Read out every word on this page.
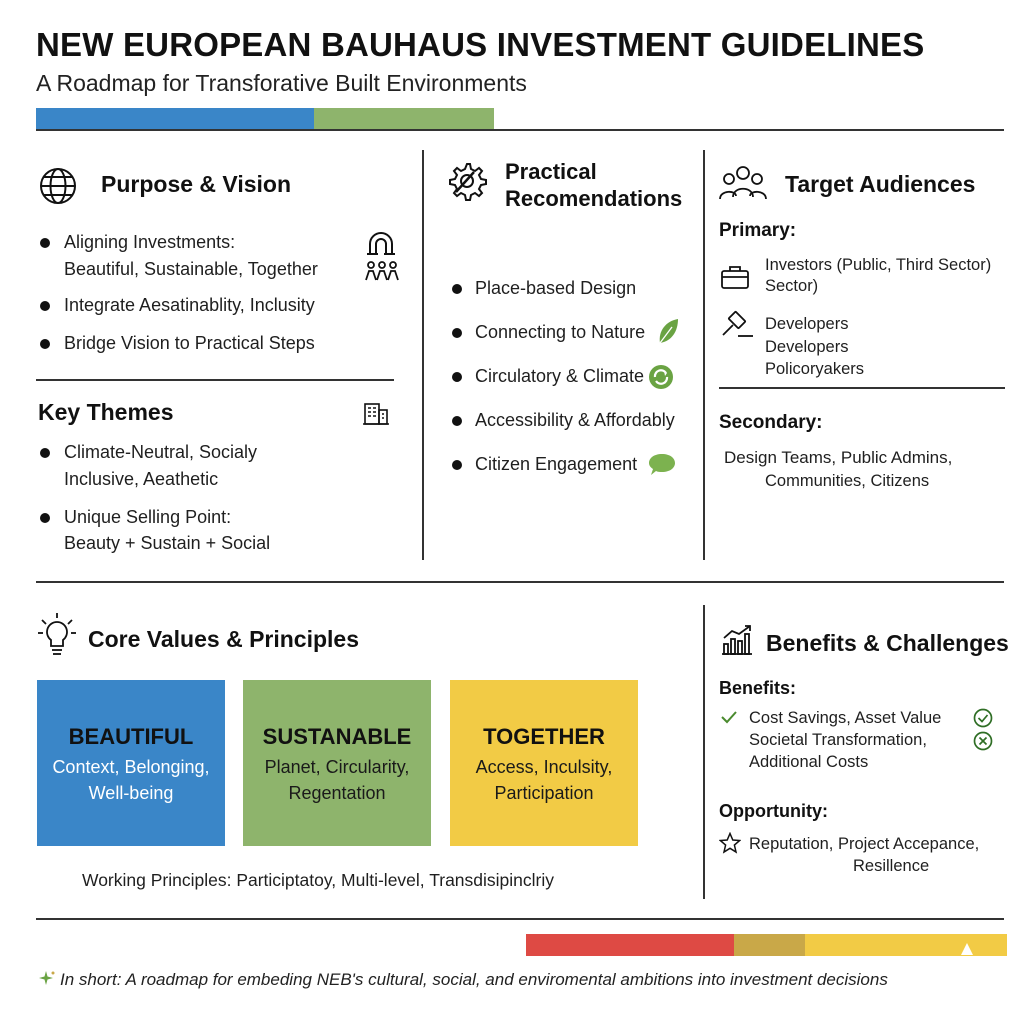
NEW EUROPEAN BAUHAUS INVESTMENT GUIDELINES
A Roadmap for Transforative Built Environments
Purpose & Vision
Aligning Investments:
Beautiful, Sustainable, Together
Integrate Aesatinablity, Inclusity
Bridge Vision to Practical Steps
Key Themes
Climate-Neutral, Socialy
Inclusive, Aeathetic
Unique Selling Point:
Beauty + Sustain + Social
Practical
Recomendations
Place-based Design
Connecting to Nature
Circulatory & Climate
Accessibility & Affordably
Citizen Engagement
Target Audiences
Primary:
Investors (Public, Third Sector)
Sector)
Developers
Developers
Policoryakers
Secondary:
Design Teams, Public Admins,
Communities, Citizens
Core Values & Principles
BEAUTIFUL
Context, Belonging,
Well-being
SUSTANABLE
Planet, Circularity,
Regentation
TOGETHER
Access, Inculsity,
Participation
Working Principles: Participtatoy, Multi-level, Transdisipinclriy
Benefits & Challenges
Benefits:
Cost Savings, Asset Value
Societal Transformation,
Additional Costs
Opportunity:
Reputation, Project Accepance,
Resillence
In short: A roadmap for embeding NEB's cultural, social, and enviromental ambitions into investment decisions
